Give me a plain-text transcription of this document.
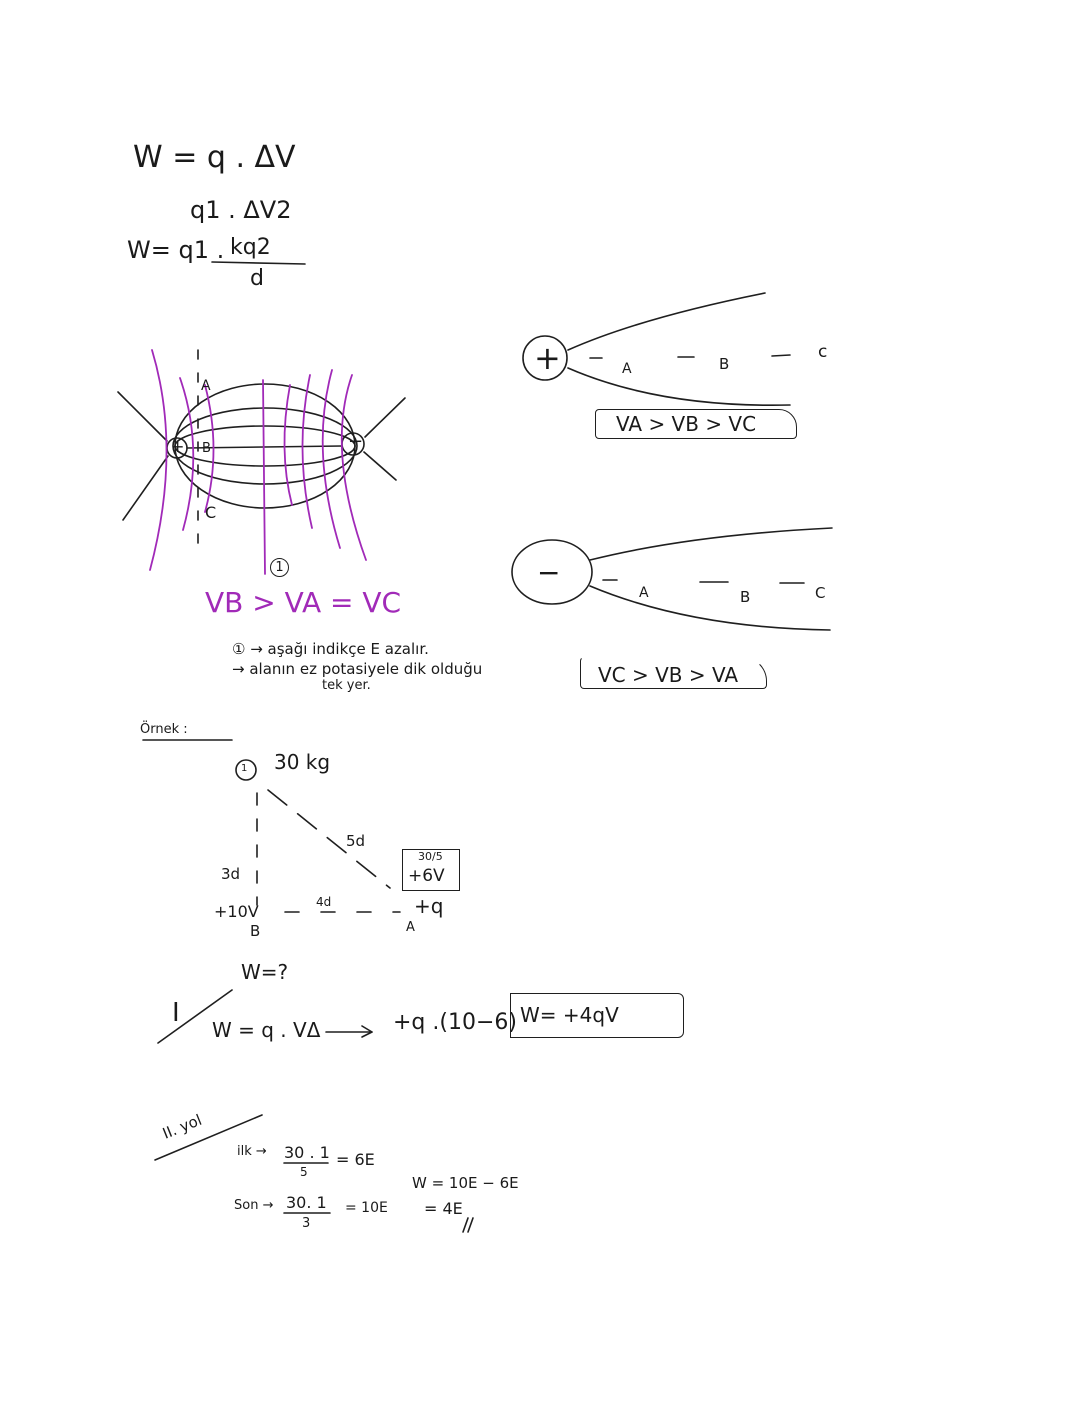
W = q . ΔV
q1 . ΔV2
W= q1 . kq2
d
A
B
C
+	−
1
VB > VA = VC
① → aşağı indikçe E azalır.
→ alanın ez potasiyele dik olduğu
tek yer.
+	A	B
c
VA > VB > VC
−
A	B	C
VC > VB > VA
Örnek :
30 kg
1
3d
4d
5d
+10V
B
30/5
+6V
+q
A
W=?
I
W = q . VΔ	+q .(10−6) W= +4qV
II. yol
ilk → 30 . 1
5
= 6E
Son → 30. 1
3
= 10E
W = 10E − 6E
= 4E
